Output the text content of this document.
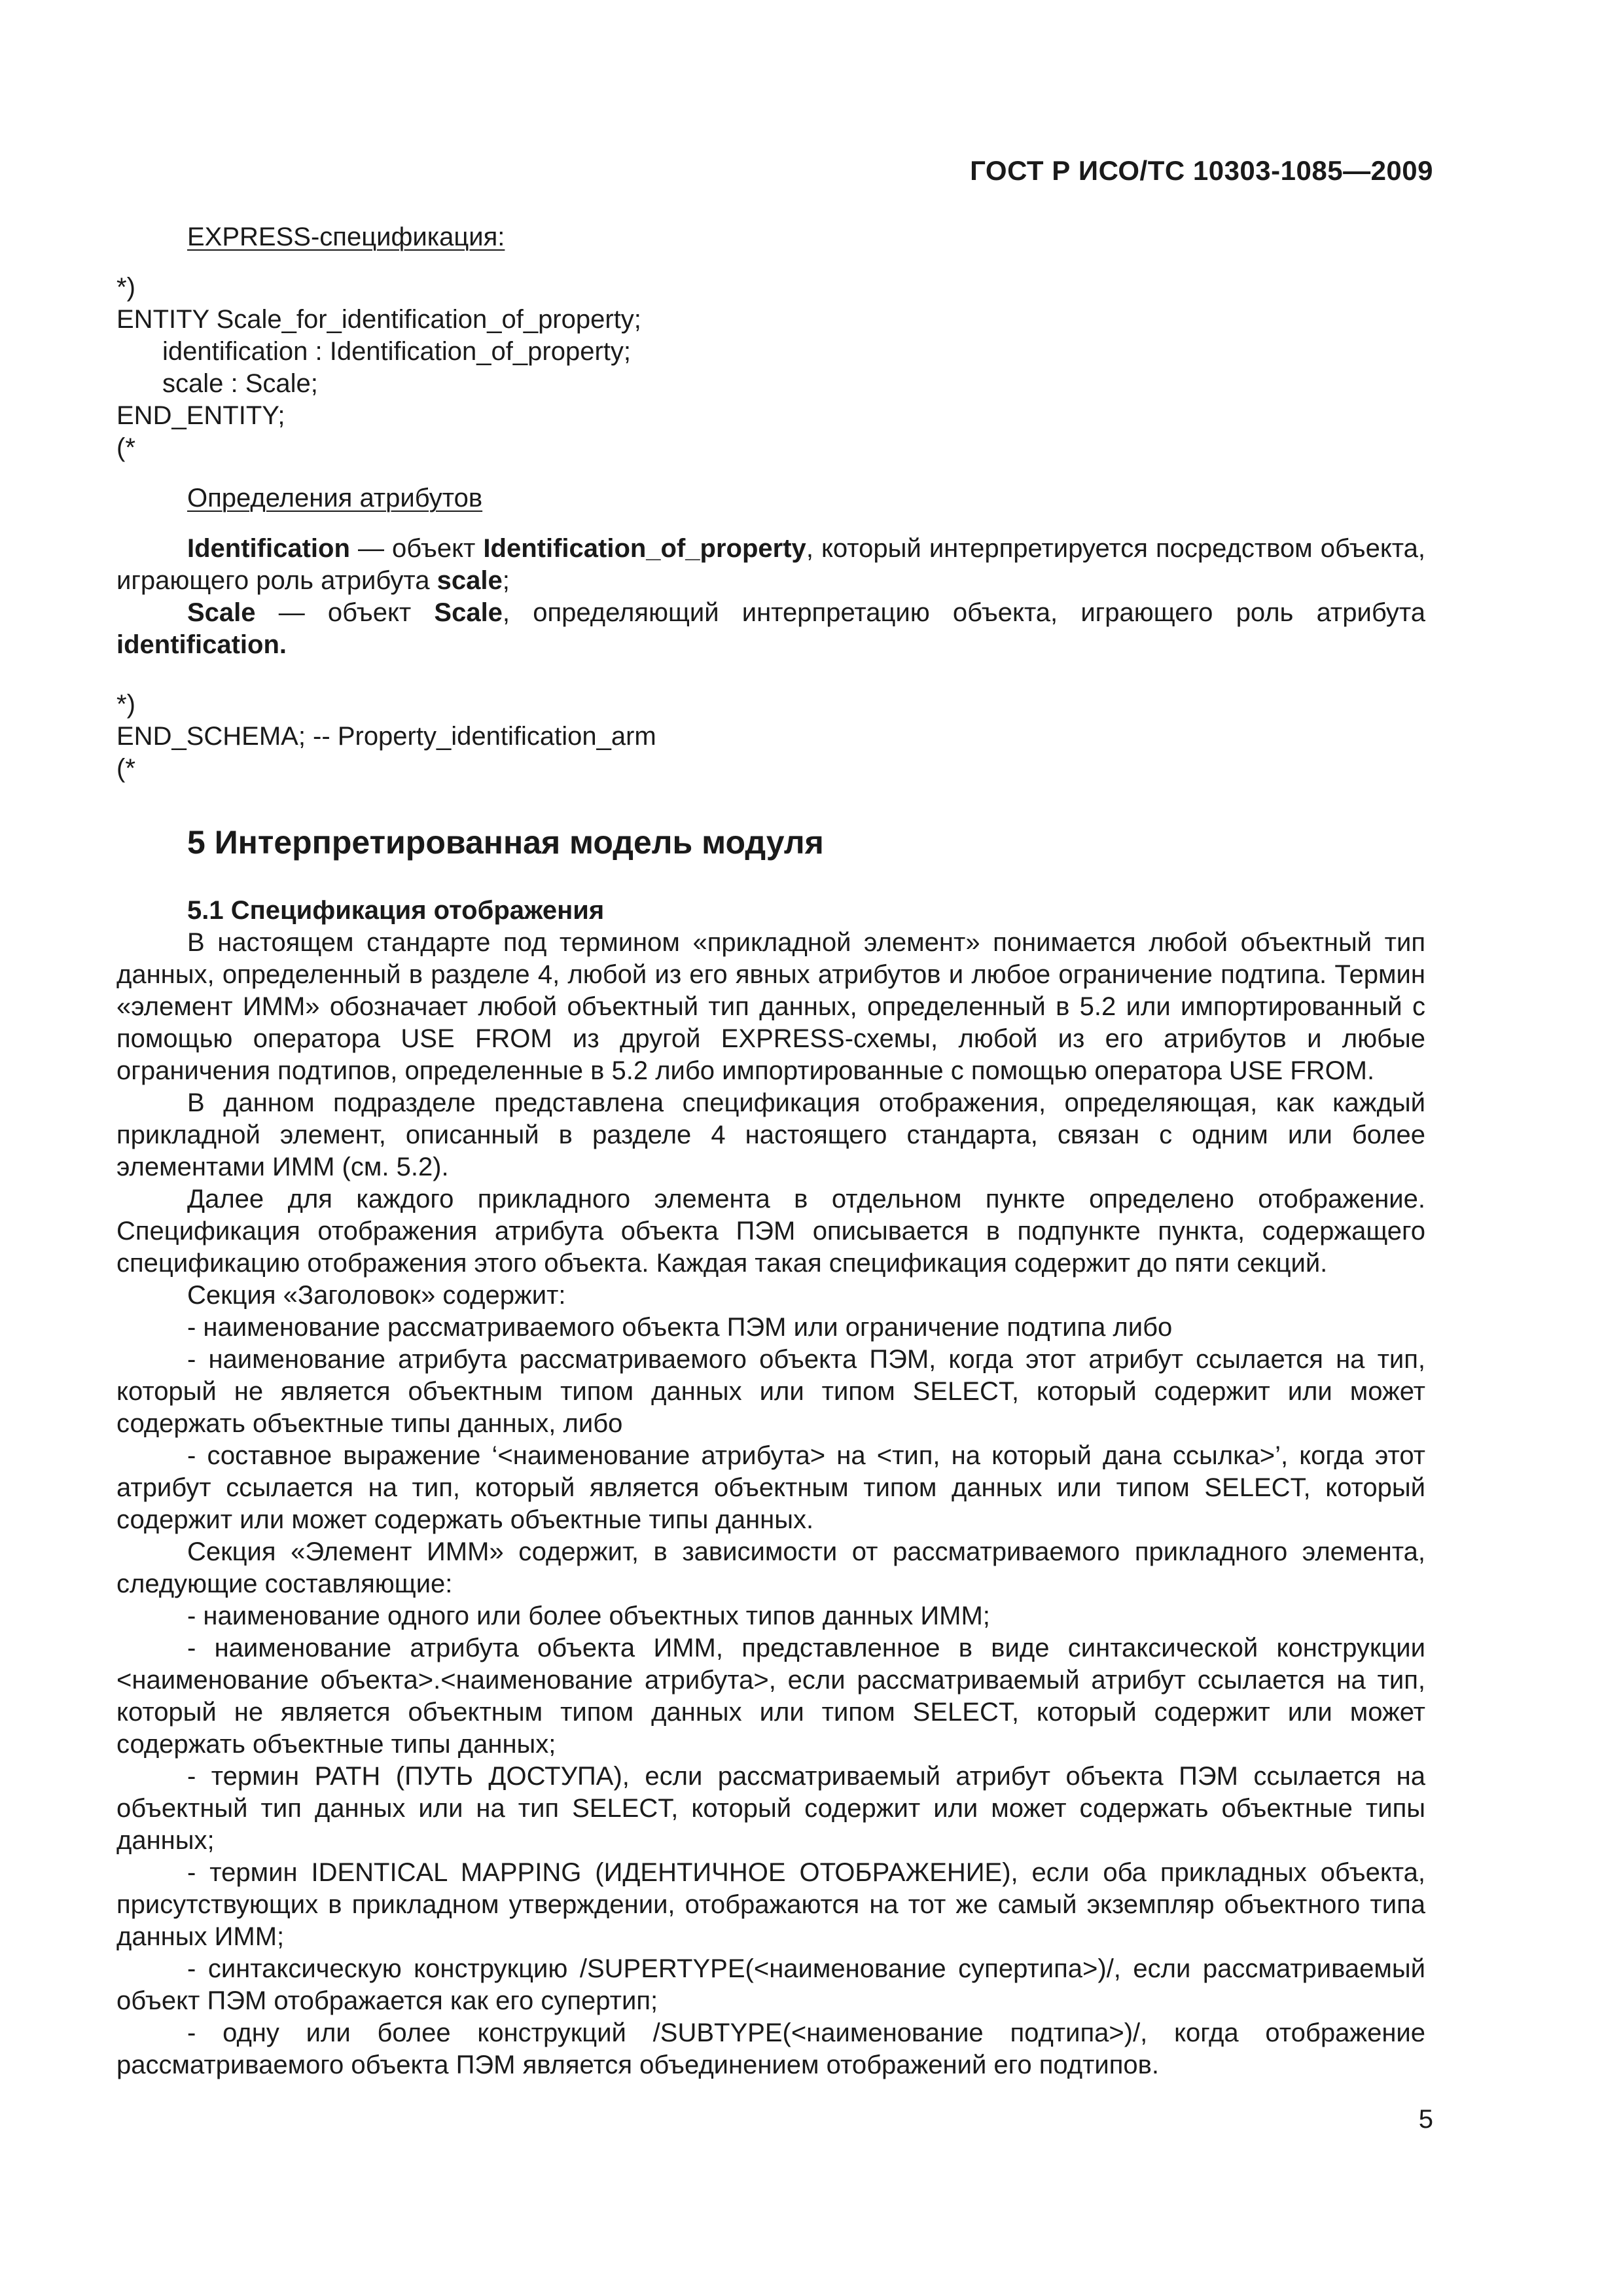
ГОСТ Р ИСО/ТС 10303-1085—2009

EXPRESS-спецификация:

*)

ENTITY Scale_for_identification_of_property;

identification : Identification_of_property;

scale : Scale;

END_ENTITY;

(*

Определения атрибутов

Identification — объект Identification_of_property, который интерпретируется посредством объекта, играющего роль атрибута scale;

Scale — объект Scale, определяющий интерпретацию объекта, играющего роль атрибута identification.

*)

END_SCHEMA; -- Property_identification_arm

(*

5 Интерпретированная модель модуля

5.1 Спецификация отображения

В настоящем стандарте под термином «прикладной элемент» понимается любой объектный тип данных, определенный в разделе 4, любой из его явных атрибутов и любое ограничение подтипа. Термин «элемент ИММ» обозначает любой объектный тип данных, определенный в 5.2 или импортированный с помощью оператора USE FROM из другой EXPRESS-схемы, любой из его атрибутов и любые ограничения подтипов, определенные в 5.2 либо импортированные с помощью оператора USE FROM.

В данном подразделе представлена спецификация отображения, определяющая, как каждый прикладной элемент, описанный в разделе 4 настоящего стандарта, связан с одним или более элементами ИММ (см. 5.2).

Далее для каждого прикладного элемента в отдельном пункте определено отображение. Спецификация отображения атрибута объекта ПЭМ описывается в подпункте пункта, содержащего спецификацию отображения этого объекта. Каждая такая спецификация содержит до пяти секций.

Секция «Заголовок» содержит:

- наименование рассматриваемого объекта ПЭМ или ограничение подтипа либо

- наименование атрибута рассматриваемого объекта ПЭМ, когда этот атрибут ссылается на тип, который не является объектным типом данных или типом SELECT, который содержит или может содержать объектные типы данных, либо

- составное выражение ‘<наименование атрибута> на <тип, на который дана ссылка>’, когда этот атрибут ссылается на тип, который является объектным типом данных или типом SELECT, который содержит или может содержать объектные типы данных.

Секция «Элемент ИММ» содержит, в зависимости от рассматриваемого прикладного элемента, следующие составляющие:

- наименование одного или более объектных типов данных ИММ;

- наименование атрибута объекта ИММ, представленное в виде синтаксической конструкции <наименование объекта>.<наименование атрибута>, если рассматриваемый атрибут ссылается на тип, который не является объектным типом данных или типом SELECT, который содержит или может содержать объектные типы данных;

- термин PATH (ПУТЬ ДОСТУПА), если рассматриваемый атрибут объекта ПЭМ ссылается на объектный тип данных или на тип SELECT, который содержит или может содержать объектные типы данных;

- термин IDENTICAL MAPPING (ИДЕНТИЧНОЕ ОТОБРАЖЕНИЕ), если оба прикладных объекта, присутствующих в прикладном утверждении, отображаются на тот же самый экземпляр объектного типа данных ИММ;

- синтаксическую конструкцию /SUPERTYPE(<наименование супертипа>)/, если рассматриваемый объект ПЭМ отображается как его супертип;

- одну или более конструкций /SUBTYPE(<наименование подтипа>)/, когда отображение рассматриваемого объекта ПЭМ является объединением отображений его подтипов.

5
